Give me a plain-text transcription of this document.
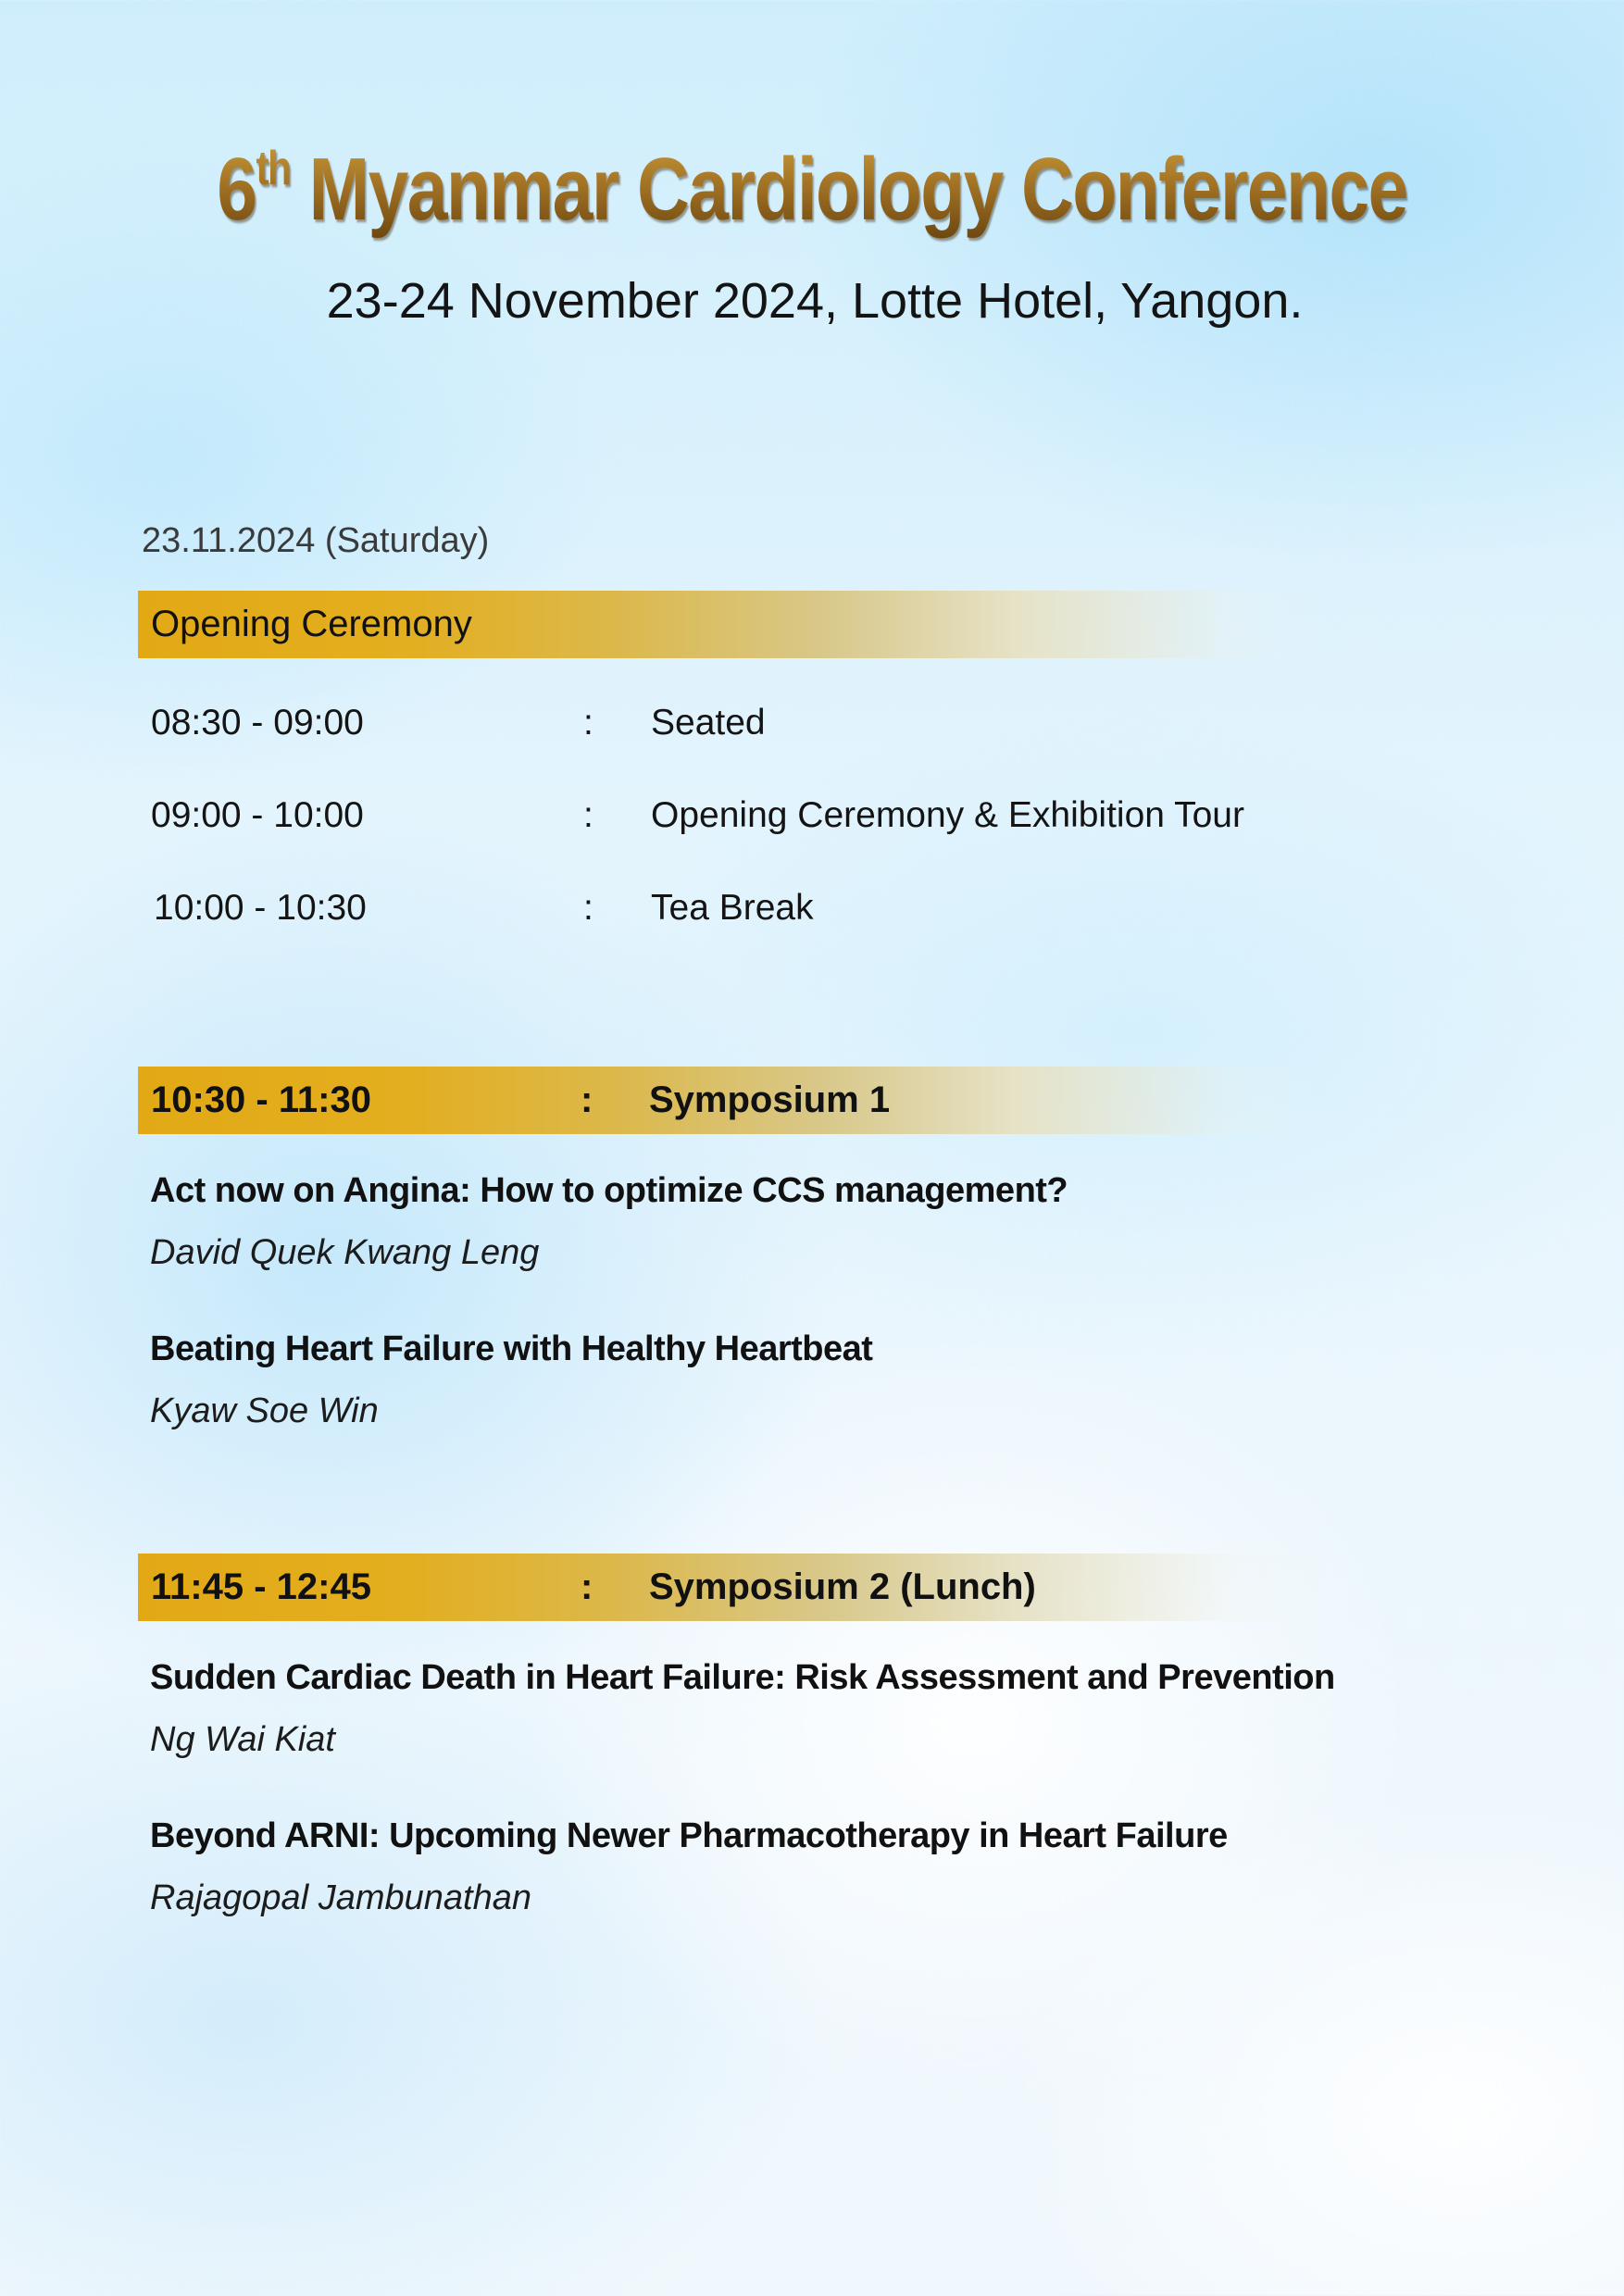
6th Myanmar Cardiology Conference
23-24 November 2024, Lotte Hotel, Yangon.
23.11.2024 (Saturday)
Opening Ceremony
08:30 - 09:00	: Seated
09:00 - 10:00	: Opening Ceremony & Exhibition Tour
10:00 - 10:30	: Tea Break
10:30 - 11:30	: Symposium 1
Act now on Angina: How to optimize CCS management?
David Quek Kwang Leng
Beating Heart Failure with Healthy Heartbeat
Kyaw Soe Win
11:45 - 12:45	: Symposium 2 (Lunch)
Sudden Cardiac Death in Heart Failure: Risk Assessment and Prevention
Ng Wai Kiat
Beyond ARNI: Upcoming Newer Pharmacotherapy in Heart Failure
Rajagopal Jambunathan
